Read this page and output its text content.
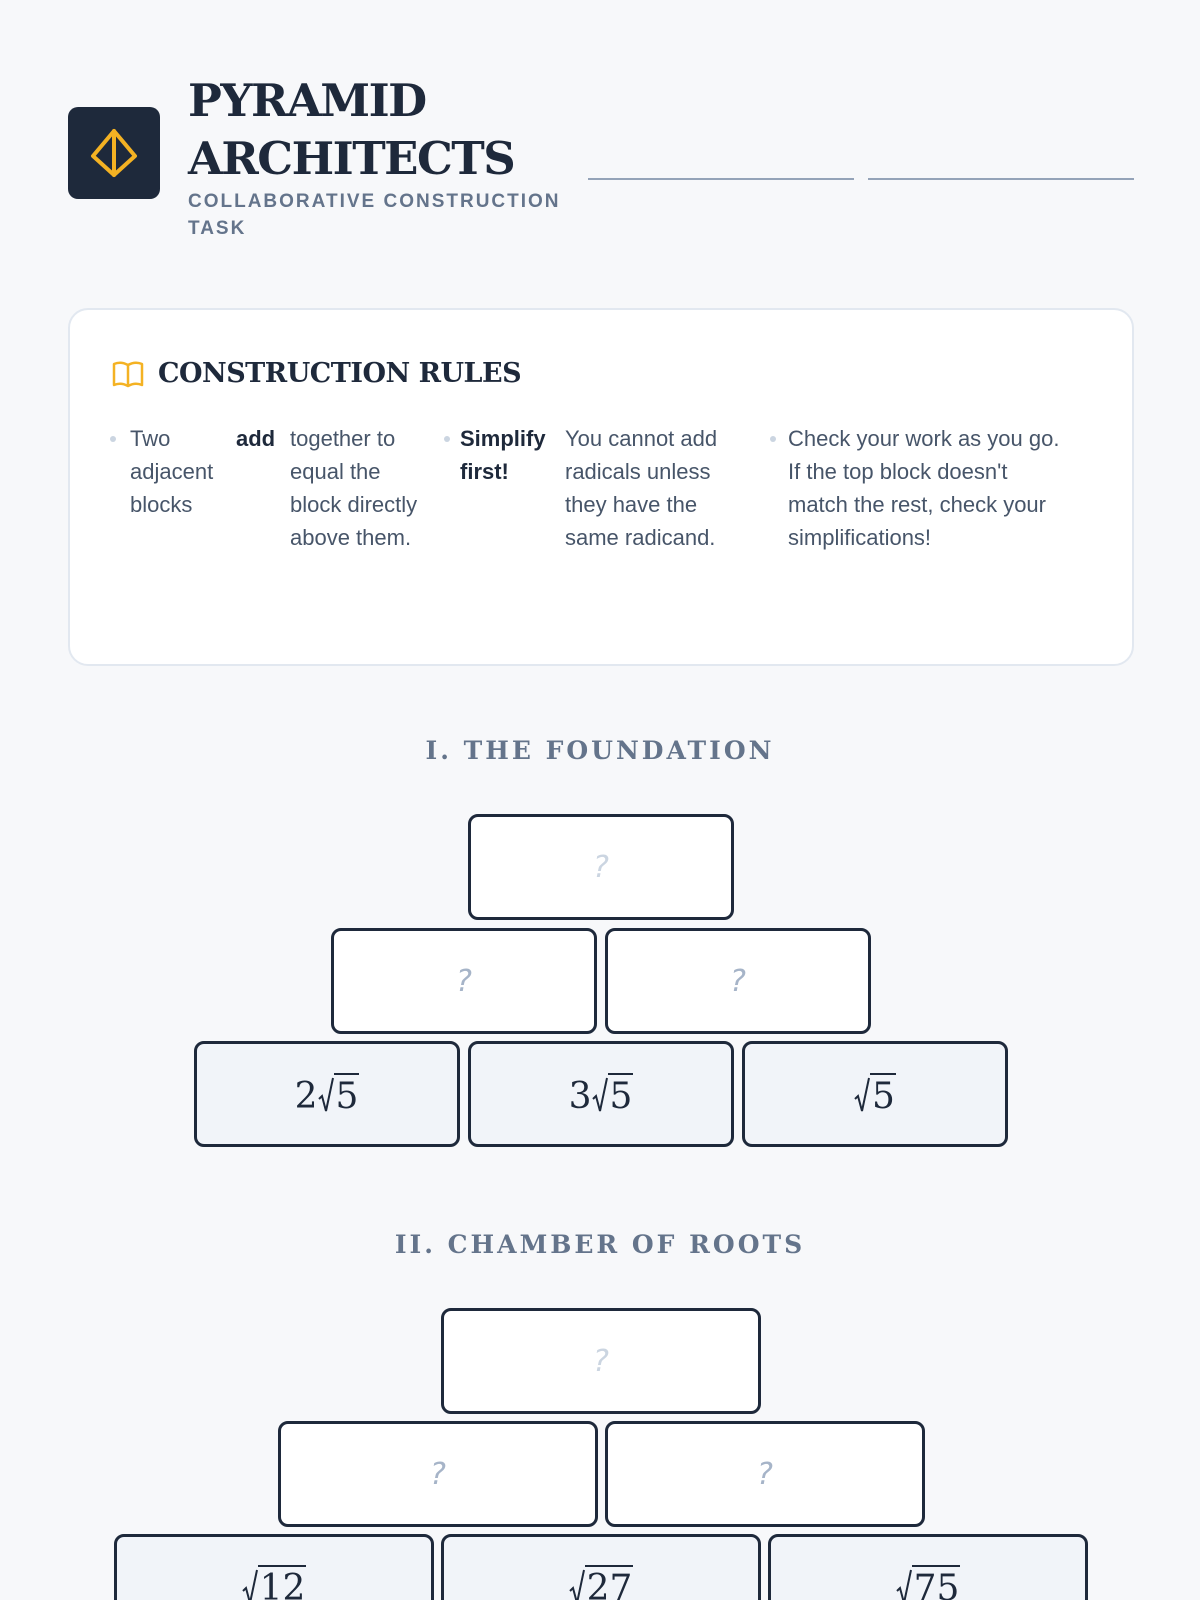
PYRAMID ARCHITECTS
COLLABORATIVE CONSTRUCTION TASK
CONSTRUCTION RULES
Two adjacent blocks
add together to equal the block directly above them.
Simplify first!
You cannot add radicals unless they have the same radicand.
Check your work as you go. If the top block doesn't match the rest, check your simplifications!
I. THE FOUNDATION
?
?	?
2 5	3 5	5
II. CHAMBER OF ROOTS
?
?	?
12	27	75
